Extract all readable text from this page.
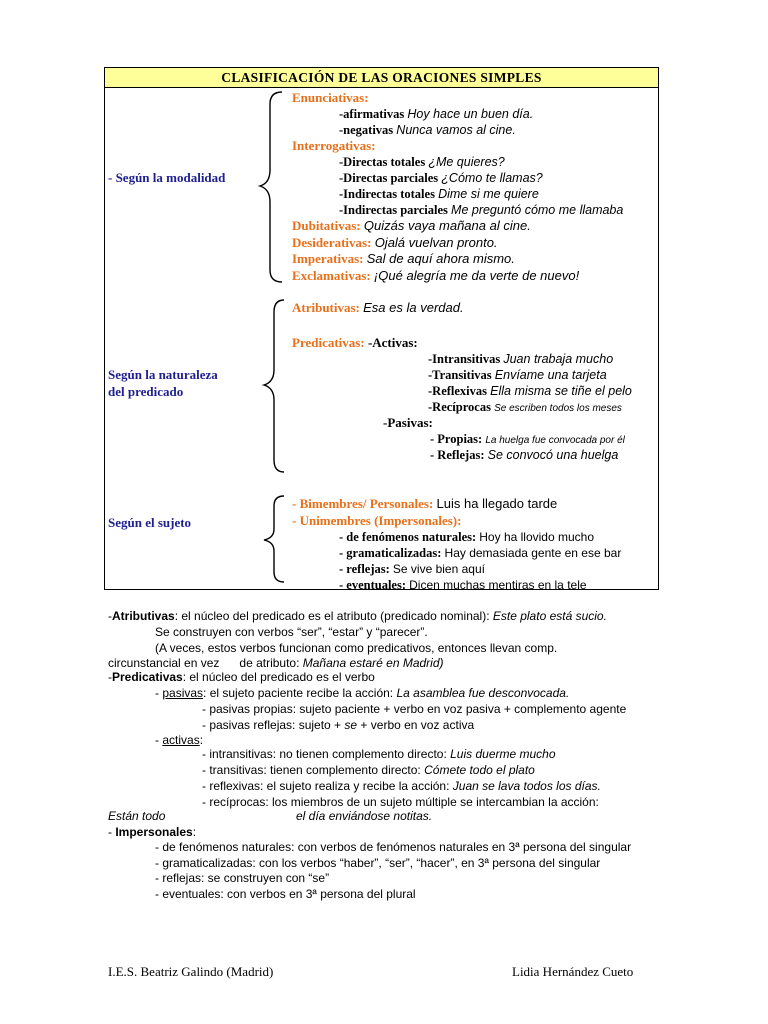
CLASIFICACIÓN DE LAS ORACIONES SIMPLES
- Según la modalidad
Enunciativas:
-afirmativas Hoy hace un buen día.
-negativas Nunca vamos al cine.
Interrogativas:
-Directas totales ¿Me quieres?
-Directas parciales ¿Cómo te llamas?
-Indirectas totales Dime si me quiere
-Indirectas parciales Me preguntó cómo me llamaba
Dubitativas: Quizás vaya mañana al cine.
Desiderativas: Ojalá vuelvan pronto.
Imperativas: Sal de aquí ahora mismo.
Exclamativas: ¡Qué alegría me da verte de nuevo!
Según la naturaleza
del predicado
Atributivas: Esa es la verdad.
Predicativas: -Activas:
-Intransitivas Juan trabaja mucho
-Transitivas Envíame una tarjeta
-Reflexivas Ella misma se tiñe el pelo
-Recíprocas Se escriben todos los meses
-Pasivas:
- Propias: La huelga fue convocada por él
- Reflejas: Se convocó una huelga
Según el sujeto
- Bimembres/ Personales: Luis ha llegado tarde
- Unimembres (Impersonales):
- de fenómenos naturales: Hoy ha llovido mucho
- gramaticalizadas: Hay demasiada gente en ese bar
- reflejas: Se vive bien aquí
- eventuales: Dicen muchas mentiras en la tele
-Atributivas: el núcleo del predicado es el atributo (predicado nominal): Este plato está sucio.
Se construyen con verbos “ser”, “estar” y “parecer”.
(A veces, estos verbos funcionan como predicativos, entonces llevan comp.
circunstancial en vez      de atributo: Mañana estaré en Madrid)
-Predicativas: el núcleo del predicado es el verbo
- pasivas: el sujeto paciente recibe la acción: La asamblea fue desconvocada.
- pasivas propias: sujeto paciente + verbo en voz pasiva + complemento agente
- pasivas reflejas: sujeto + se + verbo en voz activa
- activas:
- intransitivas: no tienen complemento directo: Luis duerme mucho
- transitivas: tienen complemento directo: Cómete todo el plato
- reflexivas: el sujeto realiza y recibe la acción: Juan se lava todos los días.
- recíprocas: los miembros de un sujeto múltiple se intercambian la acción:
Están todo	el día enviándose notitas.
- Impersonales:
- de fenómenos naturales: con verbos de fenómenos naturales en 3ª persona del singular
- gramaticalizadas: con los verbos “haber”, “ser”, “hacer”, en 3ª persona del singular
- reflejas: se construyen con “se”
- eventuales: con verbos en 3ª persona del plural
I.E.S. Beatriz Galindo (Madrid)	Lidia Hernández Cueto
